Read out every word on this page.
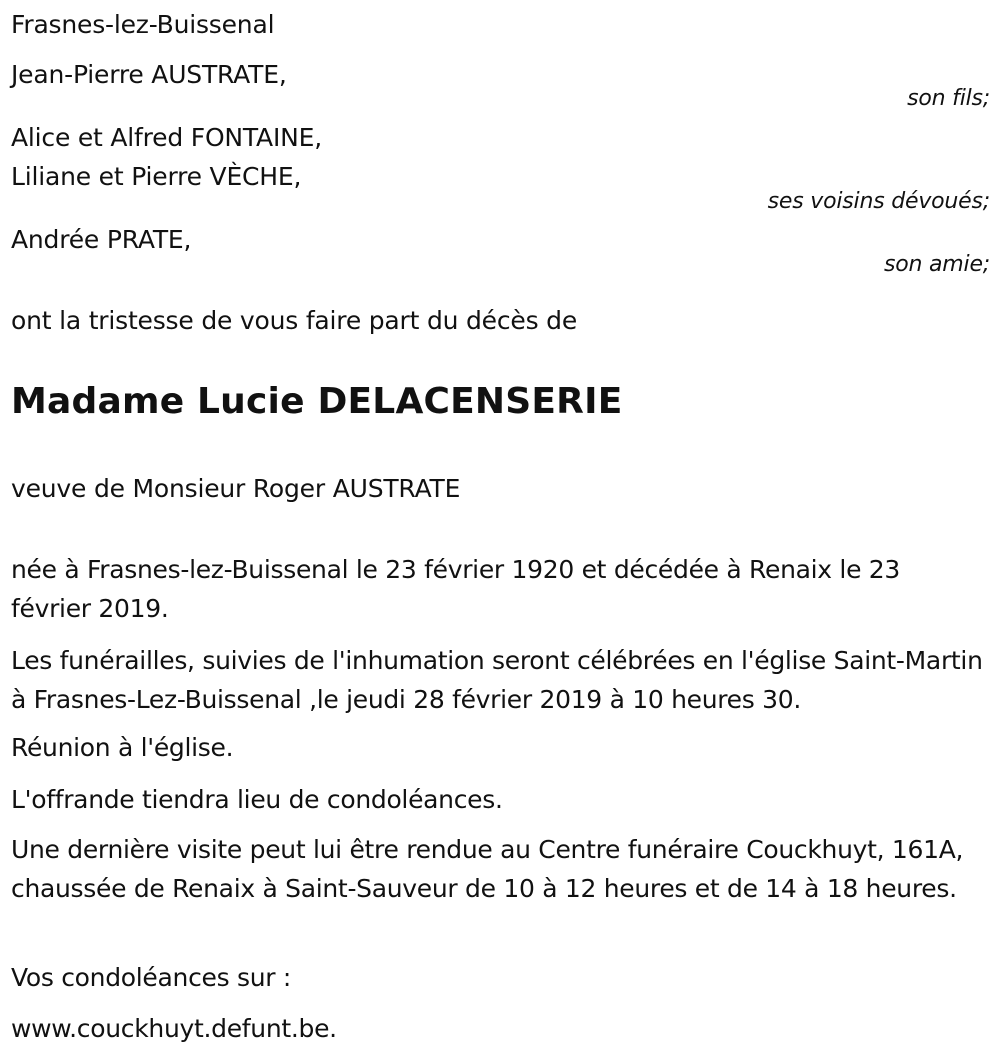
Frasnes-lez-Buissenal
Jean-Pierre AUSTRATE,
son fils;
Alice et Alfred FONTAINE,
Liliane et Pierre VÈCHE,
ses voisins dévoués;
Andrée PRATE,
son amie;
ont la tristesse de vous faire part du décès de
Madame Lucie DELACENSERIE
veuve de Monsieur Roger AUSTRATE
née à Frasnes-lez-Buissenal le 23 février 1920 et décédée à Renaix le 23 février 2019.
Les funérailles, suivies de l'inhumation seront célébrées en l'église Saint-Martin à Frasnes-Lez-Buissenal ,le jeudi 28 février 2019 à 10 heures 30.
Réunion à l'église.
L'offrande tiendra lieu de condoléances.
Une dernière visite peut lui être rendue au Centre funéraire Couckhuyt, 161A, chaussée de Renaix à Saint-Sauveur de 10 à 12 heures et de 14 à 18 heures.
Vos condoléances sur :
www.couckhuyt.defunt.be.
